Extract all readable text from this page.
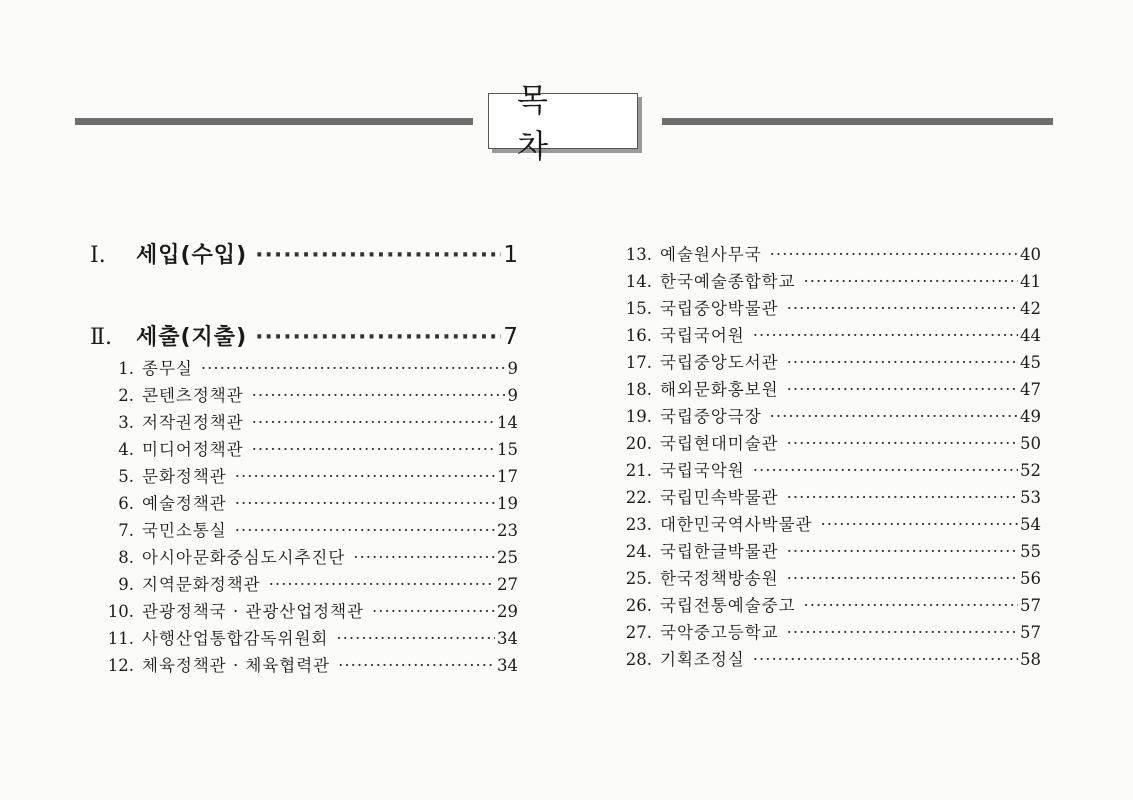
목 차
Ⅰ.	세입(수입) ·····	1
Ⅱ.	세출(지출) ·····	7
1. 종무실 ·····	9
2. 콘텐츠정책관 ·····	9
3. 저작권정책관 ·····	14
4. 미디어정책관 ·····	15
5. 문화정책관 ·····	17
6. 예술정책관 ·····	19
7. 국민소통실 ·····	23
8. 아시아문화중심도시추진단 ·····	25
9. 지역문화정책관 ·····	27
10. 관광정책국 · 관광산업정책관 ·····	29
11. 사행산업통합감독위원회 ·····	34
12. 체육정책관 · 체육협력관 ·····	34
13. 예술원사무국 ·····	40
14. 한국예술종합학교 ·····	41
15. 국립중앙박물관 ·····	42
16. 국립국어원 ·····	44
17. 국립중앙도서관 ·····	45
18. 해외문화홍보원 ·····	47
19. 국립중앙극장 ·····	49
20. 국립현대미술관 ·····	50
21. 국립국악원 ·····	52
22. 국립민속박물관 ·····	53
23. 대한민국역사박물관 ·····	54
24. 국립한글박물관 ·····	55
25. 한국정책방송원 ·····	56
26. 국립전통예술중고 ·····	57
27. 국악중고등학교 ·····	57
28. 기획조정실 ·····	58
